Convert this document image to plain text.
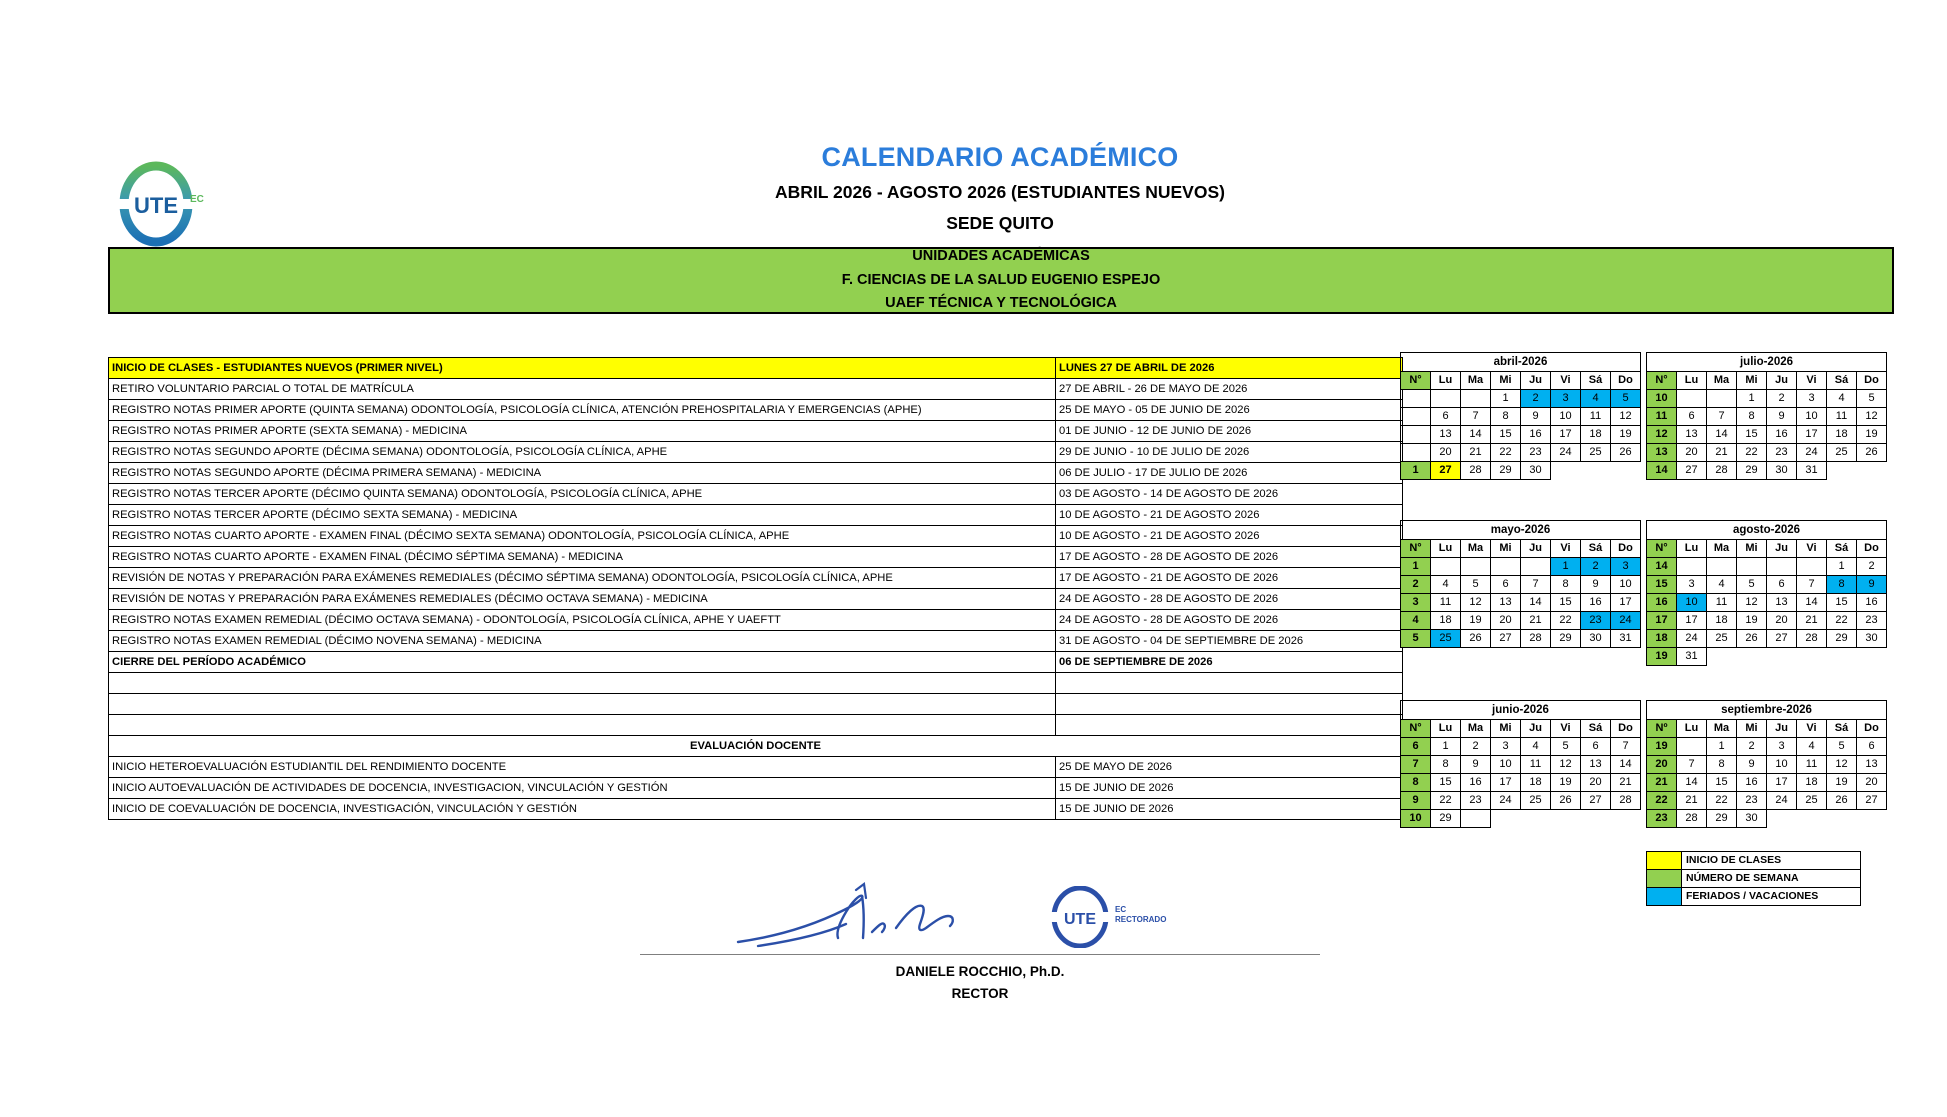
UTE EC
CALENDARIO ACADÉMICO
ABRIL 2026 - AGOSTO 2026 (ESTUDIANTES NUEVOS)
SEDE QUITO
UNIDADES ACADÉMICAS
F. CIENCIAS DE LA SALUD EUGENIO ESPEJO
UAEF TÉCNICA Y TECNOLÓGICA
INICIO DE CLASES - ESTUDIANTES NUEVOS (PRIMER NIVEL)	LUNES 27 DE ABRIL DE 2026
RETIRO VOLUNTARIO PARCIAL O TOTAL DE MATRÍCULA	27 DE ABRIL - 26 DE MAYO DE 2026
REGISTRO NOTAS PRIMER APORTE (QUINTA SEMANA) ODONTOLOGÍA, PSICOLOGÍA CLÍNICA, ATENCIÓN PREHOSPITALARIA Y EMERGENCIAS (APHE)	25 DE MAYO - 05 DE JUNIO DE 2026
REGISTRO NOTAS PRIMER APORTE (SEXTA SEMANA) - MEDICINA	01 DE JUNIO - 12 DE JUNIO DE 2026
REGISTRO NOTAS SEGUNDO APORTE (DÉCIMA SEMANA) ODONTOLOGÍA, PSICOLOGÍA CLÍNICA, APHE	29 DE JUNIO - 10 DE JULIO DE 2026
REGISTRO NOTAS SEGUNDO APORTE (DÉCIMA PRIMERA SEMANA) - MEDICINA	06 DE JULIO - 17 DE JULIO DE 2026
REGISTRO NOTAS TERCER APORTE (DÉCIMO QUINTA SEMANA) ODONTOLOGÍA, PSICOLOGÍA CLÍNICA, APHE	03 DE AGOSTO - 14 DE AGOSTO DE 2026
REGISTRO NOTAS TERCER APORTE (DÉCIMO SEXTA SEMANA) - MEDICINA	10 DE AGOSTO - 21 DE AGOSTO 2026
REGISTRO NOTAS CUARTO APORTE - EXAMEN FINAL (DÉCIMO SEXTA SEMANA) ODONTOLOGÍA, PSICOLOGÍA CLÍNICA, APHE	10 DE AGOSTO - 21 DE AGOSTO 2026
REGISTRO NOTAS CUARTO APORTE - EXAMEN FINAL (DÉCIMO SÉPTIMA SEMANA) - MEDICINA	17 DE AGOSTO - 28 DE AGOSTO DE 2026
REVISIÓN DE NOTAS Y PREPARACIÓN PARA EXÁMENES REMEDIALES (DÉCIMO SÉPTIMA SEMANA) ODONTOLOGÍA, PSICOLOGÍA CLÍNICA, APHE	17 DE AGOSTO - 21 DE AGOSTO DE 2026
REVISIÓN DE NOTAS Y PREPARACIÓN PARA EXÁMENES REMEDIALES (DÉCIMO OCTAVA SEMANA) - MEDICINA	24 DE AGOSTO - 28 DE AGOSTO DE 2026
REGISTRO NOTAS EXAMEN REMEDIAL (DÉCIMO OCTAVA SEMANA) - ODONTOLOGÍA, PSICOLOGÍA CLÍNICA, APHE Y UAEFTT	24 DE AGOSTO - 28 DE AGOSTO DE 2026
REGISTRO NOTAS EXAMEN REMEDIAL (DÉCIMO NOVENA SEMANA) - MEDICINA	31 DE AGOSTO - 04 DE SEPTIEMBRE DE 2026
CIERRE DEL PERÍODO ACADÉMICO	06 DE SEPTIEMBRE DE 2026

EVALUACIÓN DOCENTE	
INICIO HETEROEVALUACIÓN ESTUDIANTIL DEL RENDIMIENTO DOCENTE	25 DE MAYO DE 2026
INICIO AUTOEVALUACIÓN DE ACTIVIDADES DE DOCENCIA, INVESTIGACION, VINCULACIÓN Y GESTIÓN	15 DE JUNIO DE 2026
INICIO DE COEVALUACIÓN DE DOCENCIA, INVESTIGACIÓN, VINCULACIÓN Y GESTIÓN	15 DE JUNIO DE 2026
abril-2026							
N°	Lu	Ma	Mi	Ju	Vi	Sá	Do
			1	2	3	4	5
	6	7	8	9	10	11	12
	13	14	15	16	17	18	19
	20	21	22	23	24	25	26
1	27	28	29	30			
julio-2026							
N°	Lu	Ma	Mi	Ju	Vi	Sá	Do
10			1	2	3	4	5
11	6	7	8	9	10	11	12
12	13	14	15	16	17	18	19
13	20	21	22	23	24	25	26
14	27	28	29	30	31		
mayo-2026							
N°	Lu	Ma	Mi	Ju	Vi	Sá	Do
1					1	2	3
2	4	5	6	7	8	9	10
3	11	12	13	14	15	16	17
4	18	19	20	21	22	23	24
5	25	26	27	28	29	30	31
agosto-2026							
N°	Lu	Ma	Mi	Ju	Vi	Sá	Do
14						1	2
15	3	4	5	6	7	8	9
16	10	11	12	13	14	15	16
17	17	18	19	20	21	22	23
18	24	25	26	27	28	29	30
19	31						
junio-2026							
N°	Lu	Ma	Mi	Ju	Vi	Sá	Do
6	1	2	3	4	5	6	7
7	8	9	10	11	12	13	14
8	15	16	17	18	19	20	21
9	22	23	24	25	26	27	28
10	29						
septiembre-2026							
Nº	Lu	Ma	Mi	Ju	Vi	Sá	Do
19		1	2	3	4	5	6
20	7	8	9	10	11	12	13
21	14	15	16	17	18	19	20
22	21	22	23	24	25	26	27
23	28	29	30				
	INICIO DE CLASES
	NÚMERO DE SEMANA
	FERIADOS / VACACIONES
UTE
EC
RECTORADO
DANIELE ROCCHIO, Ph.D.
RECTOR
